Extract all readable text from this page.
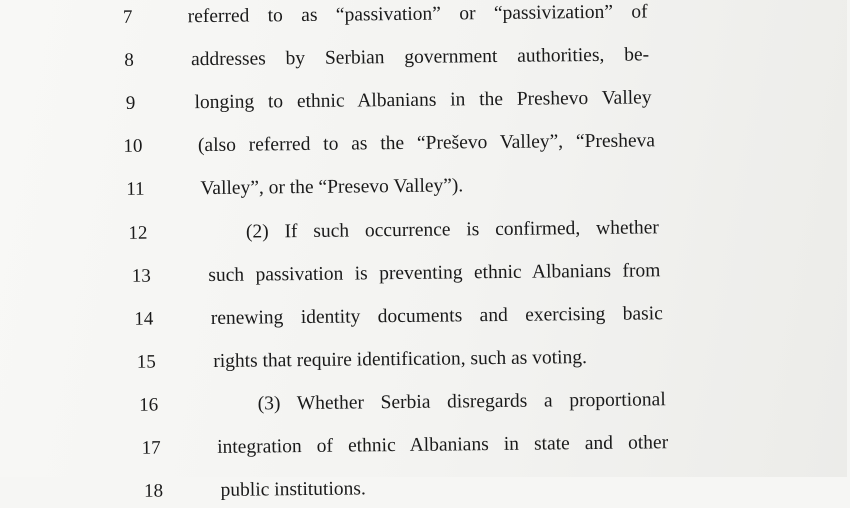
7	referred to as “passivation” or “passivization” of
8	addresses by Serbian government authorities, be-
9	longing to ethnic Albanians in the Preshevo Valley
10	(also referred to as the “Preševo Valley”, “Presheva
11	Valley”, or the “Presevo Valley”).
12	(2) If such occurrence is confirmed, whether
13	such passivation is preventing ethnic Albanians from
14	renewing identity documents and exercising basic
15	rights that require identification, such as voting.
16	(3) Whether Serbia disregards a proportional
17	integration of ethnic Albanians in state and other
18	public institutions.
